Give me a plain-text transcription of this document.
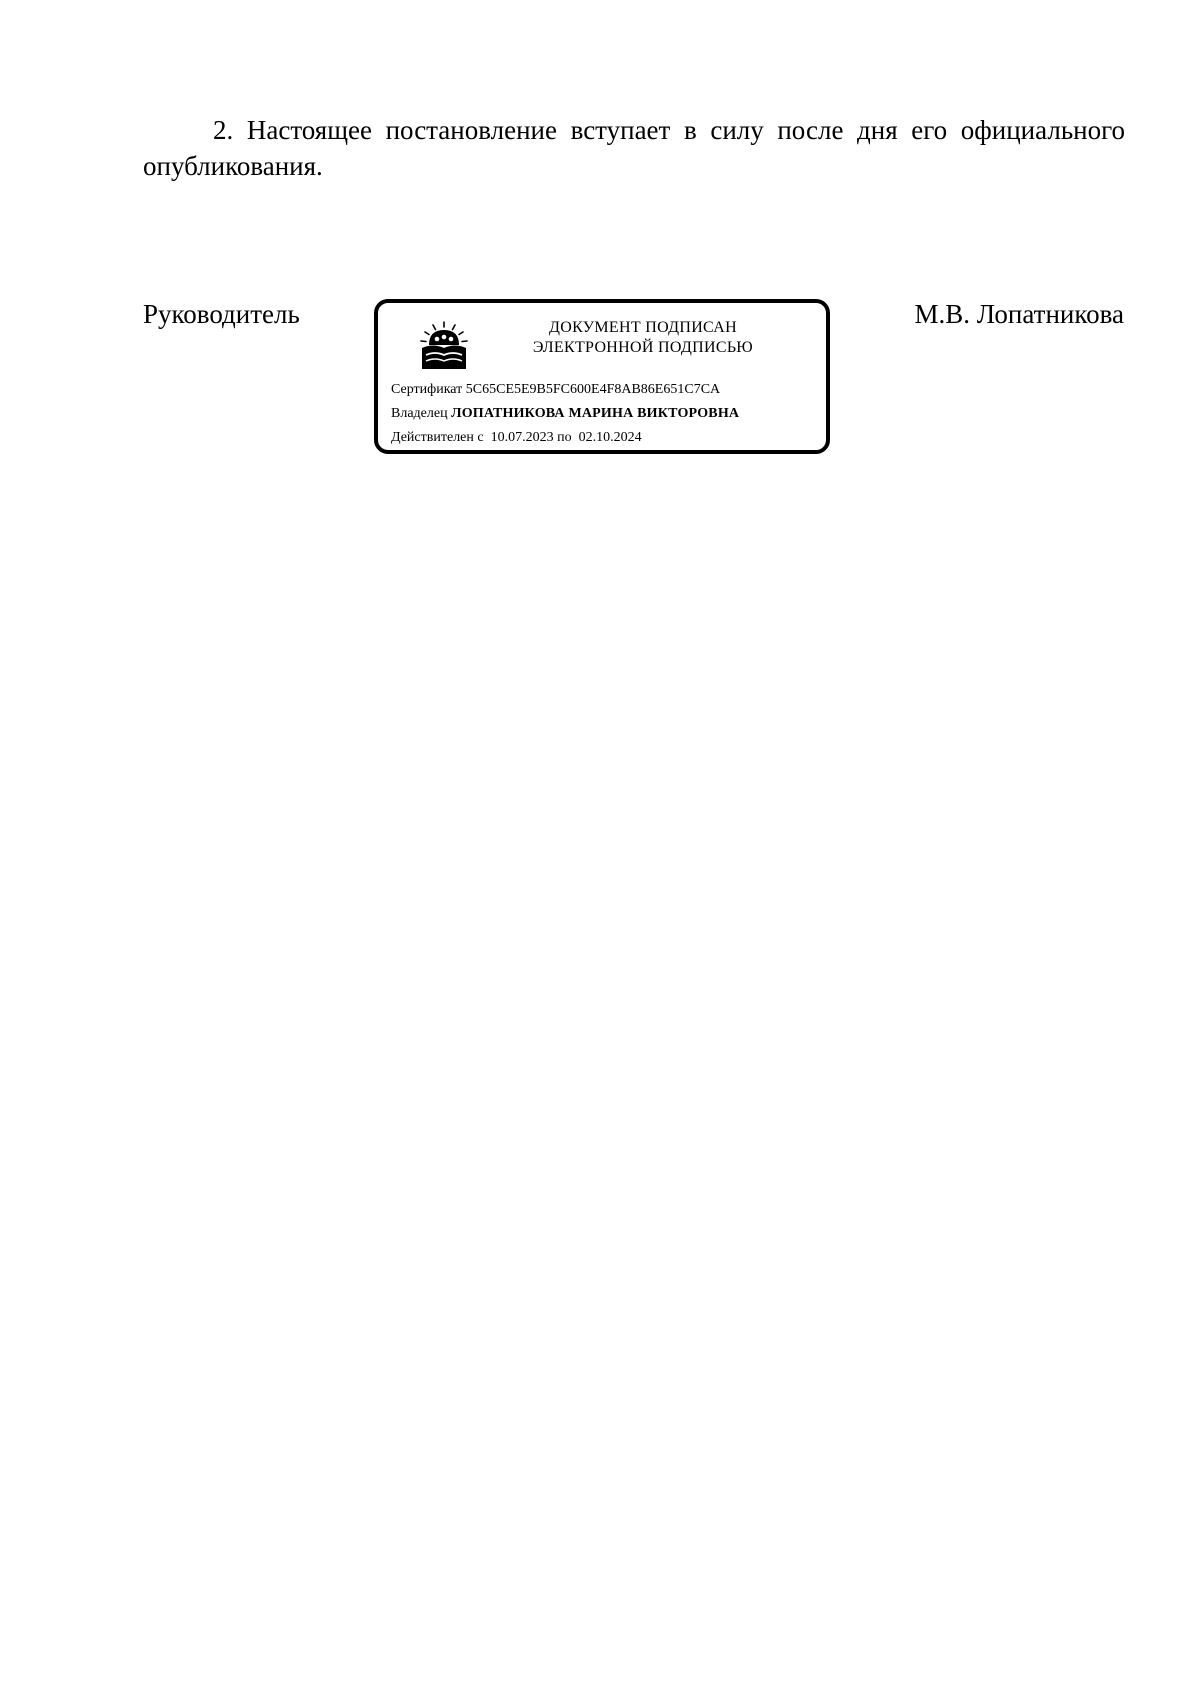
2. Настоящее постановление вступает в силу после дня его официального опубликования.
Руководитель	ДОКУМЕНТ ПОДПИСАН
ЭЛЕКТРОННОЙ ПОДПИСЬЮ
Сертификат 5C65CE5E9B5FC600E4F8AB86E651C7CA
Владелец ЛОПАТНИКОВА МАРИНА ВИКТОРОВНА
Действителен с 10.07.2023 по 02.10.2024
М.В. Лопатникова
